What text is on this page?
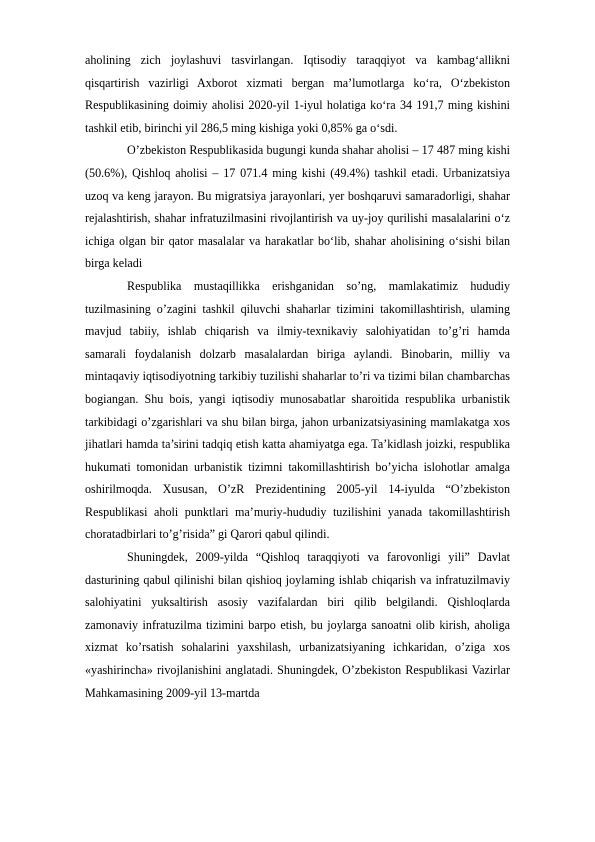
aholining zich joylashuvi tasvirlangan. Iqtisodiy taraqqiyot va kambag‘allikni qisqartirish vazirligi Axborot xizmati bergan ma’lumotlarga ko‘ra, O‘zbekiston Respublikasining doimiy aholisi 2020-yil 1-iyul holatiga ko‘ra 34 191,7 ming kishini tashkil etib, birinchi yil 286,5 ming kishiga yoki 0,85% ga o‘sdi.

O’zbekiston Respublikasida bugungi kunda shahar aholisi – 17 487 ming kishi (50.6%), Qishloq aholisi – 17 071.4 ming kishi (49.4%) tashkil etadi. Urbanizatsiya uzoq va keng jarayon. Bu migratsiya jarayonlari, yer boshqaruvi samaradorligi, shahar rejalashtirish, shahar infratuzilmasini rivojlantirish va uy-joy qurilishi masalalarini o‘z ichiga olgan bir qator masalalar va harakatlar bo‘lib, shahar aholisining o‘sishi bilan birga keladi

Respublika mustaqillikka erishganidan so’ng, mamlakatimiz hududiy tuzilmasining o’zagini tashkil qiluvchi shaharlar tizimini takomillashtirish, ulaming mavjud tabiiy, ishlab chiqarish va ilmiy-texnikaviy salohiyatidan to’g’ri hamda samarali foydalanish dolzarb masalalardan biriga aylandi. Binobarin, milliy va mintaqaviy iqtisodiyotning tarkibiy tuzilishi shaharlar to’ri va tizimi bilan chambarchas bogiangan. Shu bois, yangi iqtisodiy munosabatlar sharoitida respublika urbanistik tarkibidagi o’zgarishlari va shu bilan birga, jahon urbanizatsiyasining mamlakatga xos jihatlari hamda ta’sirini tadqiq etish katta ahamiyatga ega. Ta’kidlash joizki, respublika hukumati tomonidan urbanistik tizimni takomillashtirish bo’yicha islohotlar amalga oshirilmoqda. Xususan, O’zR Prezidentining 2005-yil 14-iyulda “O’zbekiston Respublikasi aholi punktlari ma’muriy-hududiy tuzilishini yanada takomillashtirish choratadbirlari to’g’risida” gi Qarori qabul qilindi.

Shuningdek, 2009-yilda “Qishloq taraqqiyoti va farovonligi yili” Davlat dasturining qabul qilinishi bilan qishioq joylaming ishlab chiqarish va infratuzilmaviy salohiyatini yuksaltirish asosiy vazifalardan biri qilib belgilandi. Qishloqlarda zamonaviy infratuzilma tizimini barpo etish, bu joylarga sanoatni olib kirish, aholiga xizmat ko’rsatish sohalarini yaxshilash, urbanizatsiyaning ichkaridan, o’ziga xos «yashirincha» rivojlanishini anglatadi. Shuningdek, O’zbekiston Respublikasi Vazirlar Mahkamasining 2009-yil 13-martda
